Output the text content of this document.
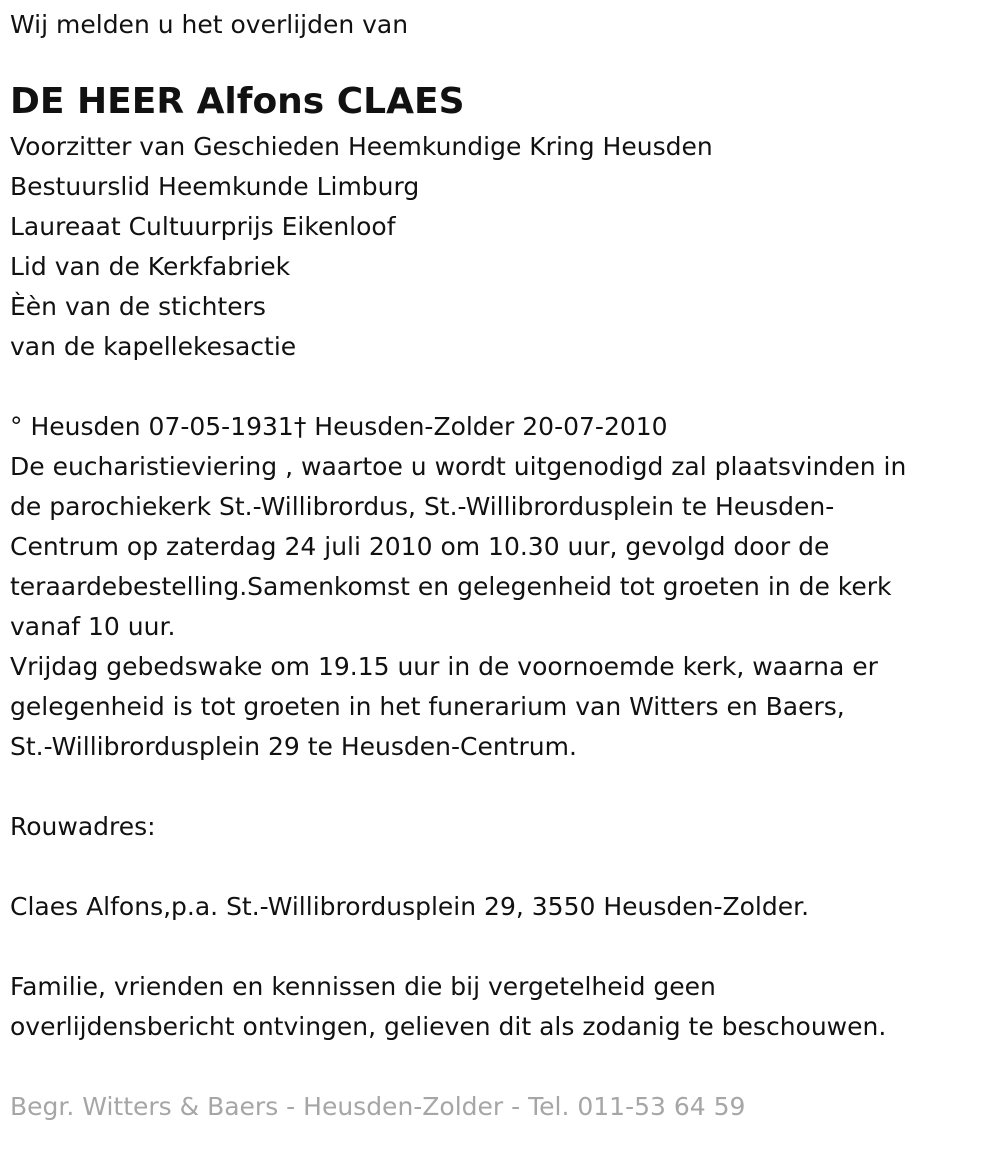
Wij melden u het overlijden van
DE HEER Alfons CLAES
Voorzitter van Geschieden Heemkundige Kring Heusden
Bestuurslid Heemkunde Limburg
Laureaat Cultuurprijs Eikenloof
Lid van de Kerkfabriek
Èèn van de stichters
van de kapellekesactie
° Heusden 07-05-1931† Heusden-Zolder 20-07-2010
De eucharistieviering , waartoe u wordt uitgenodigd zal plaatsvinden in
de parochiekerk St.-Willibrordus, St.-Willibrordusplein te Heusden-
Centrum op zaterdag 24 juli 2010 om 10.30 uur, gevolgd door de
teraardebestelling.Samenkomst en gelegenheid tot groeten in de kerk
vanaf 10 uur.
Vrijdag gebedswake om 19.15 uur in de voornoemde kerk, waarna er
gelegenheid is tot groeten in het funerarium van Witters en Baers,
St.-Willibrordusplein 29 te Heusden-Centrum.
Rouwadres:
Claes Alfons,p.a. St.-Willibrordusplein 29, 3550 Heusden-Zolder.
Familie, vrienden en kennissen die bij vergetelheid geen
overlijdensbericht ontvingen, gelieven dit als zodanig te beschouwen.
Begr. Witters & Baers - Heusden-Zolder - Tel. 011-53 64 59
